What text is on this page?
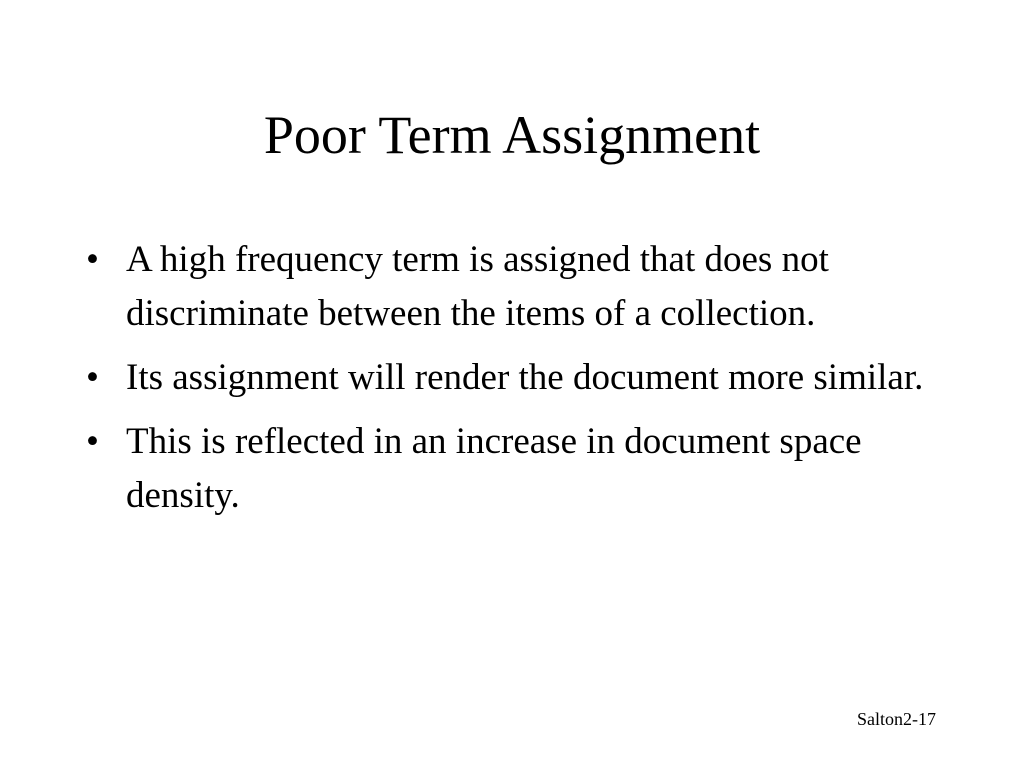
Poor Term Assignment
• A high frequency term is assigned that does not discriminate between the items of a collection.
• Its assignment will render the document more similar.
• This is reflected in an increase in document space density.
Salton2-17
